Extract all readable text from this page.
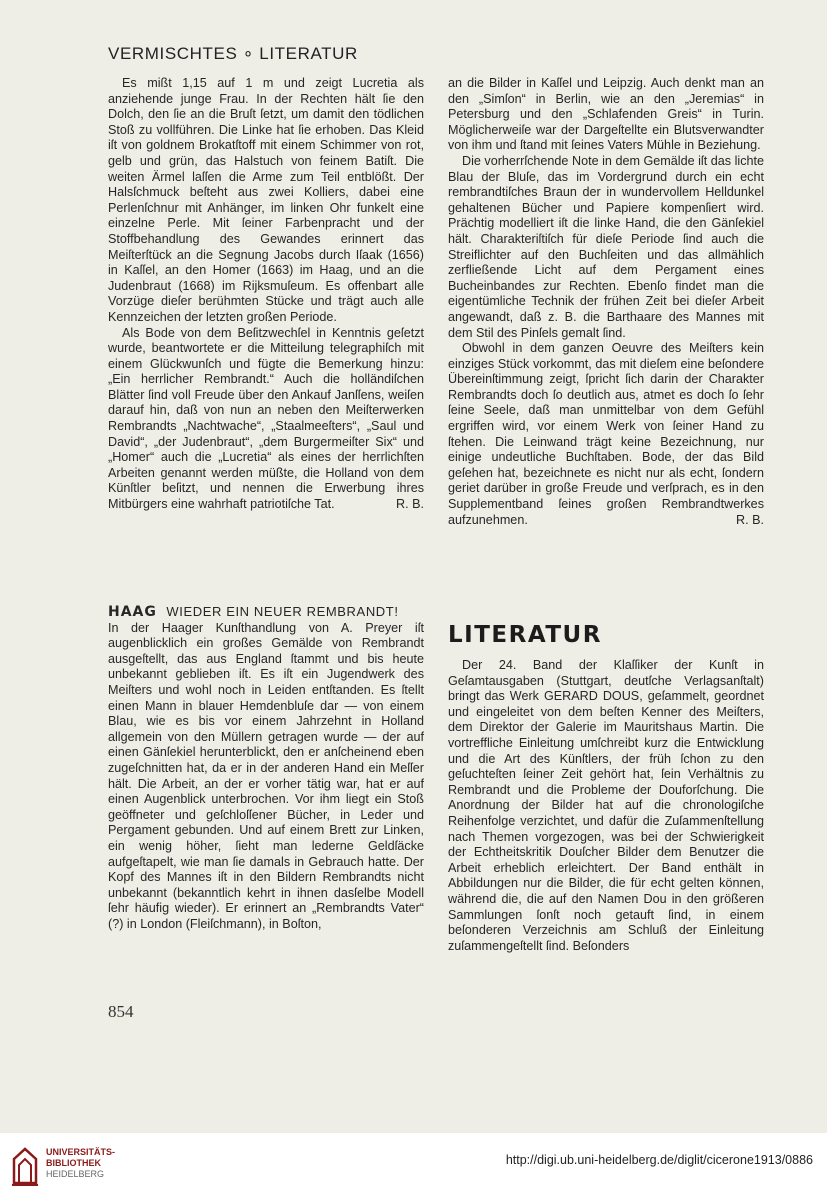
VERMISCHTES ∘ LITERATUR

Es mißt 1,15 auf 1 m und zeigt Lucretia als anziehende junge Frau. In der Rechten hält ſie den Dolch, den ſie an die Bruſt ſetzt, um damit den tödlichen Stoß zu vollführen. Die Linke hat ſie erhoben. Das Kleid iſt von goldnem Brokatſtoff mit einem Schimmer von rot, gelb und grün, das Halstuch von feinem Batiſt. Die weiten Ärmel laſſen die Arme zum Teil entblößt. Der Halsſchmuck beſteht aus zwei Kolliers, dabei eine Perlenſchnur mit Anhänger, im linken Ohr funkelt eine einzelne Perle. Mit ſeiner Farbenpracht und der Stoffbehandlung des Gewandes erinnert das Meiſterſtück an die Segnung Jacobs durch Iſaak (1656) in Kaſſel, an den Homer (1663) im Haag, und an die Judenbraut (1668) im Rijksmuſeum. Es offenbart alle Vorzüge dieſer berühmten Stücke und trägt auch alle Kennzeichen der letzten großen Periode.

Als Bode von dem Beſitzwechſel in Kenntnis geſetzt wurde, beantwortete er die Mitteilung telegraphiſch mit einem Glückwunſch und fügte die Bemerkung hinzu: „Ein herrlicher Rembrandt.“ Auch die holländiſchen Blätter ſind voll Freude über den Ankauf Janſſens, weiſen darauf hin, daß von nun an neben den Meiſterwerken Rembrandts „Nachtwache“, „Staalmeeſters“, „Saul und David“, „der Judenbraut“, „dem Burgermeiſter Six“ und „Homer“ auch die „Lucretia“ als eines der herrlichſten Arbeiten genannt werden müßte, die Holland von dem Künſtler beſitzt, und nennen die Erwerbung ihres Mitbürgers eine wahrhaft patriotiſche Tat.	R. B.

HAAG WIEDER EIN NEUER REMBRANDT!

In der Haager Kunſthandlung von A. Preyer iſt augenblicklich ein großes Gemälde von Rembrandt ausgeſtellt, das aus England ſtammt und bis heute unbekannt geblieben iſt. Es iſt ein Jugendwerk des Meiſters und wohl noch in Leiden entſtanden. Es ſtellt einen Mann in blauer Hemdenbluſe dar — von einem Blau, wie es bis vor einem Jahrzehnt in Holland allgemein von den Müllern getragen wurde — der auf einen Gänſekiel herunterblickt, den er anſcheinend eben zugeſchnitten hat, da er in der anderen Hand ein Meſſer hält. Die Arbeit, an der er vorher tätig war, hat er auf einen Augenblick unterbrochen. Vor ihm liegt ein Stoß geöffneter und geſchloſſener Bücher, in Leder und Pergament gebunden. Und auf einem Brett zur Linken, ein wenig höher, ſieht man lederne Geldſäcke aufgeſtapelt, wie man ſie damals in Gebrauch hatte. Der Kopf des Mannes iſt in den Bildern Rembrandts nicht unbekannt (bekanntlich kehrt in ihnen dasſelbe Modell ſehr häufig wieder). Er erinnert an „Rembrandts Vater“ (?) in London (Fleiſchmann), in Boſton,

an die Bilder in Kaſſel und Leipzig. Auch denkt man an den „Simſon“ in Berlin, wie an den „Jeremias“ in Petersburg und den „Schlafenden Greis“ in Turin. Möglicherweiſe war der Dargeſtellte ein Blutsverwandter von ihm und ſtand mit ſeines Vaters Mühle in Beziehung.

Die vorherrſchende Note in dem Gemälde iſt das lichte Blau der Bluſe, das im Vordergrund durch ein echt rembrandtiſches Braun der in wundervollem Helldunkel gehaltenen Bücher und Papiere kompenſiert wird. Prächtig modelliert iſt die linke Hand, die den Gänſekiel hält. Charakteriſtiſch für dieſe Periode ſind auch die Streiflichter auf den Buchſeiten und das allmählich zerfließende Licht auf dem Pergament eines Bucheinbandes zur Rechten. Ebenſo findet man die eigentümliche Technik der frühen Zeit bei dieſer Arbeit angewandt, daß z. B. die Barthaare des Mannes mit dem Stil des Pinſels gemalt ſind.

Obwohl in dem ganzen Oeuvre des Meiſters kein einziges Stück vorkommt, das mit dieſem eine beſondere Übereinſtimmung zeigt, ſpricht ſich darin der Charakter Rembrandts doch ſo deutlich aus, atmet es doch ſo ſehr ſeine Seele, daß man unmittelbar von dem Gefühl ergriffen wird, vor einem Werk von ſeiner Hand zu ſtehen. Die Leinwand trägt keine Bezeichnung, nur einige undeutliche Buchſtaben. Bode, der das Bild geſehen hat, bezeichnete es nicht nur als echt, ſondern geriet darüber in große Freude und verſprach, es in den Supplementband ſeines großen Rembrandtwerkes aufzunehmen.	R. B.

LITERATUR

Der 24. Band der Klaſſiker der Kunſt in Geſamtausgaben (Stuttgart, deutſche Verlagsanſtalt) bringt das Werk GERARD DOUS, geſammelt, geordnet und eingeleitet von dem beſten Kenner des Meiſters, dem Direktor der Galerie im Mauritshaus Martin. Die vortreffliche Einleitung umſchreibt kurz die Entwicklung und die Art des Künſtlers, der früh ſchon zu den geſuchteſten ſeiner Zeit gehört hat, ſein Verhältnis zu Rembrandt und die Probleme der Douforſchung. Die Anordnung der Bilder hat auf die chronologiſche Reihenfolge verzichtet, und dafür die Zuſammenſtellung nach Themen vorgezogen, was bei der Schwierigkeit der Echtheitskritik Douſcher Bilder dem Benutzer die Arbeit erheblich erleichtert. Der Band enthält in Abbildungen nur die Bilder, die für echt gelten können, während die, die auf den Namen Dou in den größeren Sammlungen ſonſt noch getauft ſind, in einem beſonderen Verzeichnis am Schluß der Einleitung zuſammengeſtellt ſind. Beſonders

854
UNIVERSITÄTS-
BIBLIOTHEK
HEIDELBERG
http://digi.ub.uni-heidelberg.de/diglit/cicerone1913/0886
